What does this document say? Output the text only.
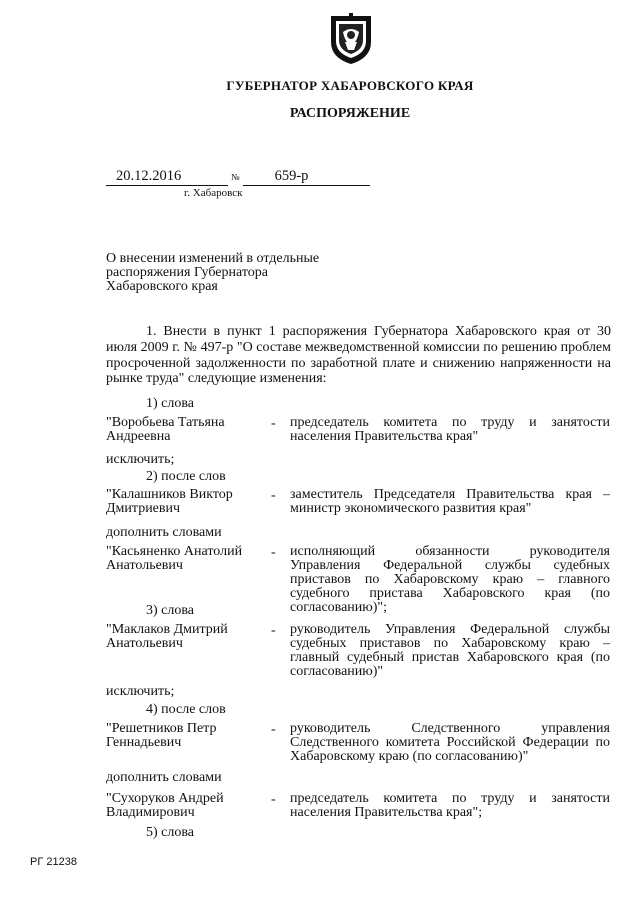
ГУБЕРНАТОР ХАБАРОВСКОГО КРАЯ
РАСПОРЯЖЕНИЕ
20.12.2016	№ 659-р
г. Хабаровск
О внесении изменений в отдельные распоряжения Губернатора Хабаровского края
1. Внести в пункт 1 распоряжения Губернатора Хабаровского края от 30 июля 2009 г. № 497-р "О составе межведомственной комиссии по решению проблем просроченной задолженности по заработной плате и снижению напряженности на рынке труда" следующие изменения:
1) слова
"Воробьева Татьяна Андреевна
- председатель комитета по труду и занятости населения Правительства края"
исключить;
2) после слов
"Калашников Виктор Дмитриевич
- заместитель Председателя Правительства края – министр экономического развития края"
дополнить словами
"Касьяненко Анатолий Анатольевич
- исполняющий обязанности руководителя Управления Федеральной службы судебных приставов по Хабаровскому краю – главного судебного пристава Хабаровского края (по согласованию)";
3) слова
"Маклаков Дмитрий Анатольевич
- руководитель Управления Федеральной службы судебных приставов по Хабаровскому краю – главный судебный пристав Хабаровского края (по согласованию)"
исключить;
4) после слов
"Решетников Петр Геннадьевич
- руководитель Следственного управления Следственного комитета Российской Федерации по Хабаровскому краю (по согласованию)"
дополнить словами
"Сухоруков Андрей Владимирович
- председатель комитета по труду и занятости населения Правительства края";
5) слова
РГ 21238
